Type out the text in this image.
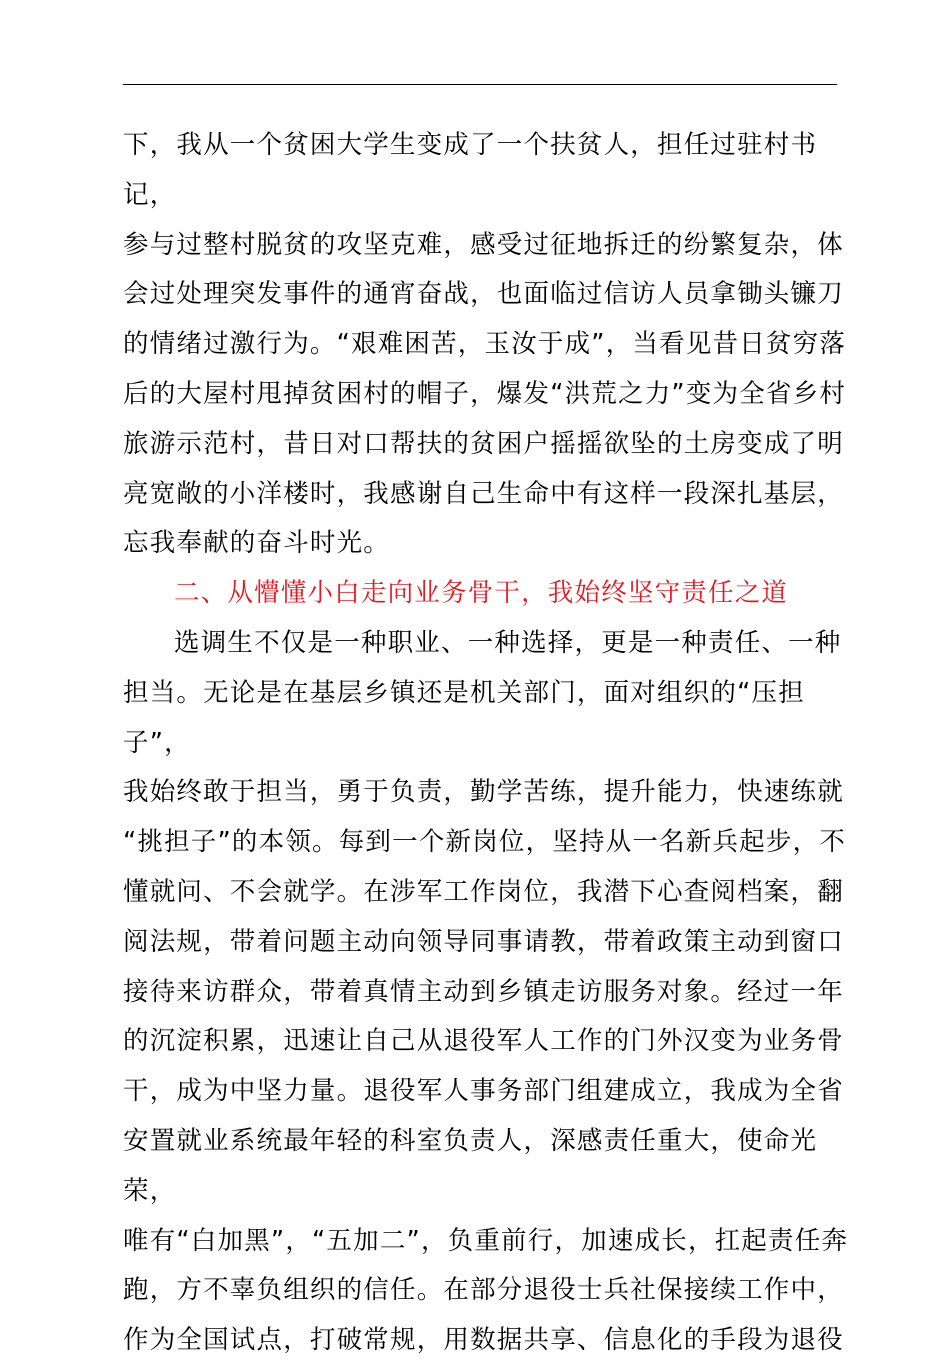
下，我从一个贫困大学生变成了一个扶贫人，担任过驻村书记，
参与过整村脱贫的攻坚克难，感受过征地拆迁的纷繁复杂，体
会过处理突发事件的通宵奋战，也面临过信访人员拿锄头镰刀
的情绪过激行为。“艰难困苦，玉汝于成”，当看见昔日贫穷落
后的大屋村甩掉贫困村的帽子，爆发“洪荒之力”变为全省乡村
旅游示范村，昔日对口帮扶的贫困户摇摇欲坠的土房变成了明
亮宽敞的小洋楼时，我感谢自己生命中有这样一段深扎基层，
忘我奉献的奋斗时光。

二、从懵懂小白走向业务骨干，我始终坚守责任之道

选调生不仅是一种职业、一种选择，更是一种责任、一种
担当。无论是在基层乡镇还是机关部门，面对组织的“压担子”，
我始终敢于担当，勇于负责，勤学苦练，提升能力，快速练就
“挑担子”的本领。每到一个新岗位，坚持从一名新兵起步，不
懂就问、不会就学。在涉军工作岗位，我潜下心查阅档案，翻
阅法规，带着问题主动向领导同事请教，带着政策主动到窗口
接待来访群众，带着真情主动到乡镇走访服务对象。经过一年
的沉淀积累，迅速让自己从退役军人工作的门外汉变为业务骨
干，成为中坚力量。退役军人事务部门组建成立，我成为全省
安置就业系统最年轻的科室负责人，深感责任重大，使命光荣，
唯有“白加黑”，“五加二”，负重前行，加速成长，扛起责任奔
跑，方不辜负组织的信任。在部分退役士兵社保接续工作中，
作为全国试点，打破常规，用数据共享、信息化的手段为退役
